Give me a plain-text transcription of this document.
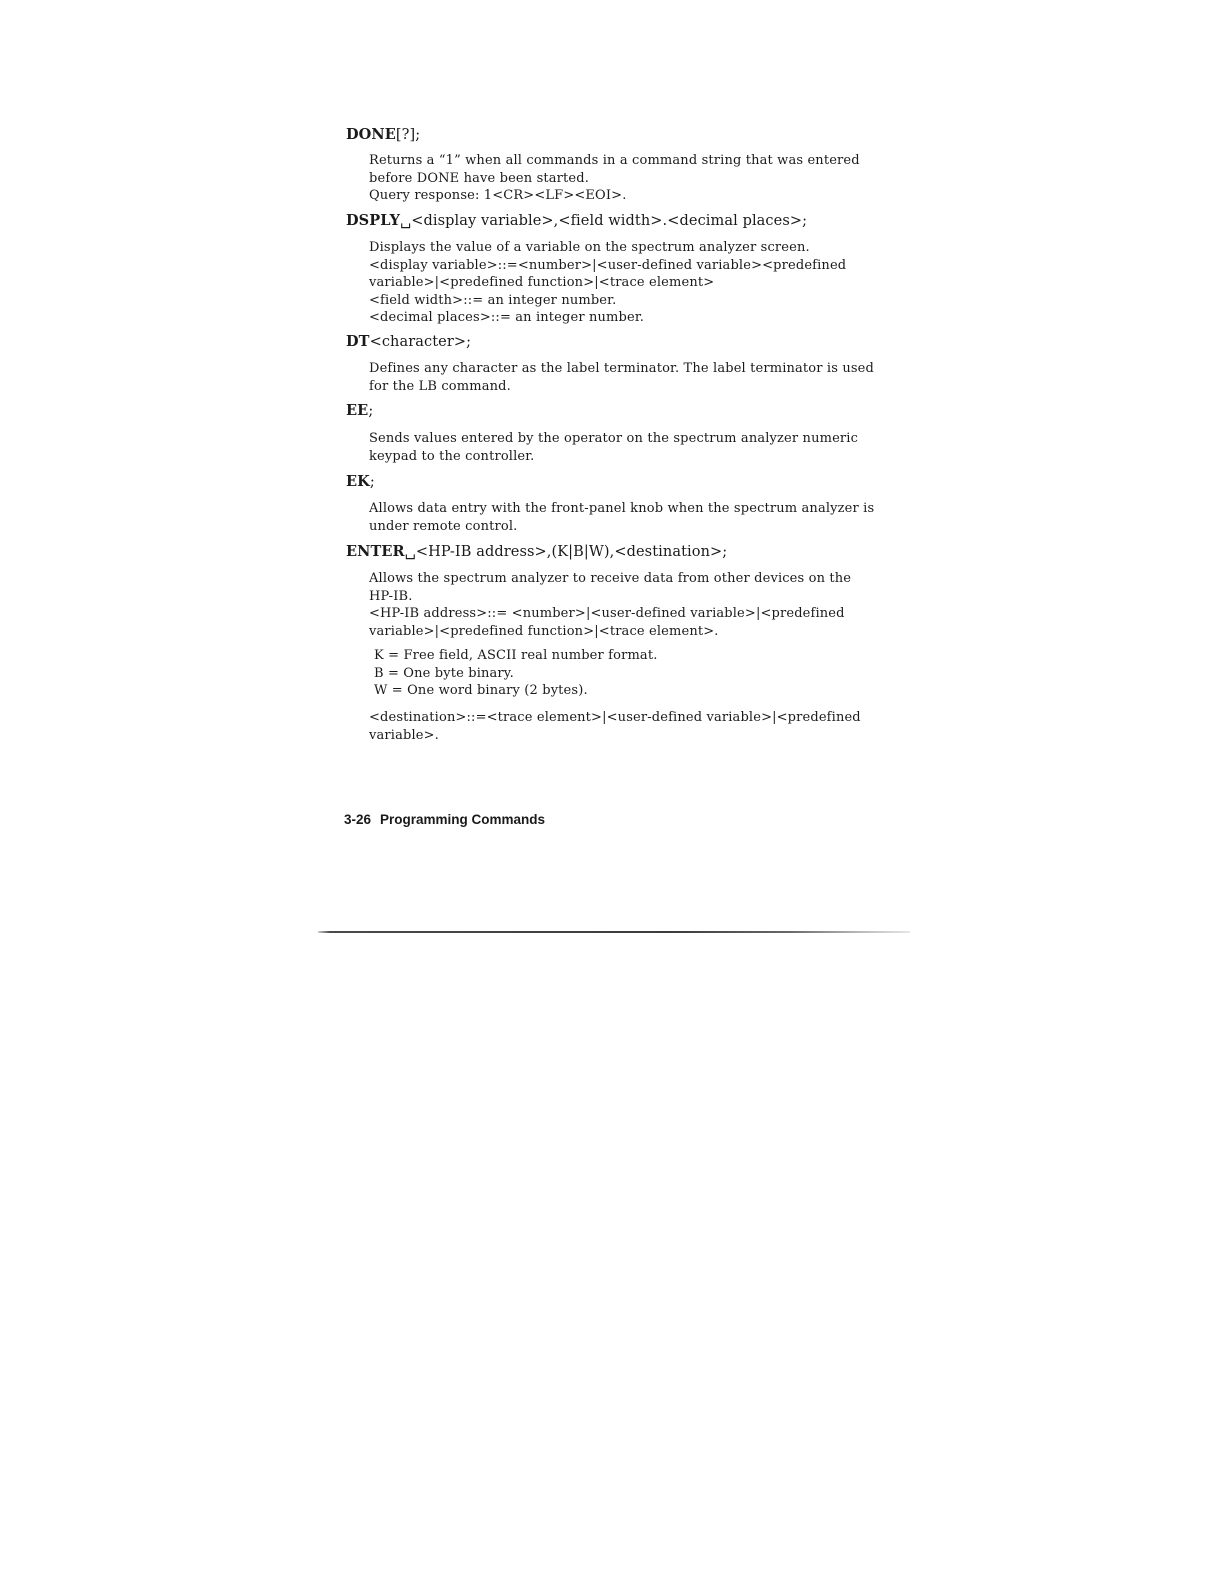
DONE[?];
Returns a “1” when all commands in a command string that was entered
before DONE have been started.
Query response: 1<CR><LF><EOI>.
DSPLY␣<display variable>,<field width>.<decimal places>;
Displays the value of a variable on the spectrum analyzer screen.
<display variable>::=<number>|<user-defined variable><predefined
variable>|<predefined function>|<trace element>
<field width>::= an integer number.
<decimal places>::= an integer number.
DT<character>;
Defines any character as the label terminator. The label terminator is used
for the LB command.
EE;
Sends values entered by the operator on the spectrum analyzer numeric
keypad to the controller.
EK;
Allows data entry with the front-panel knob when the spectrum analyzer is
under remote control.
ENTER␣<HP-IB address>,(K|B|W),<destination>;
Allows the spectrum analyzer to receive data from other devices on the
HP-IB.
<HP-IB address>::= <number>|<user-defined variable>|<predefined
variable>|<predefined function>|<trace element>.
K = Free field, ASCII real number format.
B = One byte binary.
W = One word binary (2 bytes).
<destination>::=<trace element>|<user-defined variable>|<predefined
variable>.
3-26 Programming Commands
